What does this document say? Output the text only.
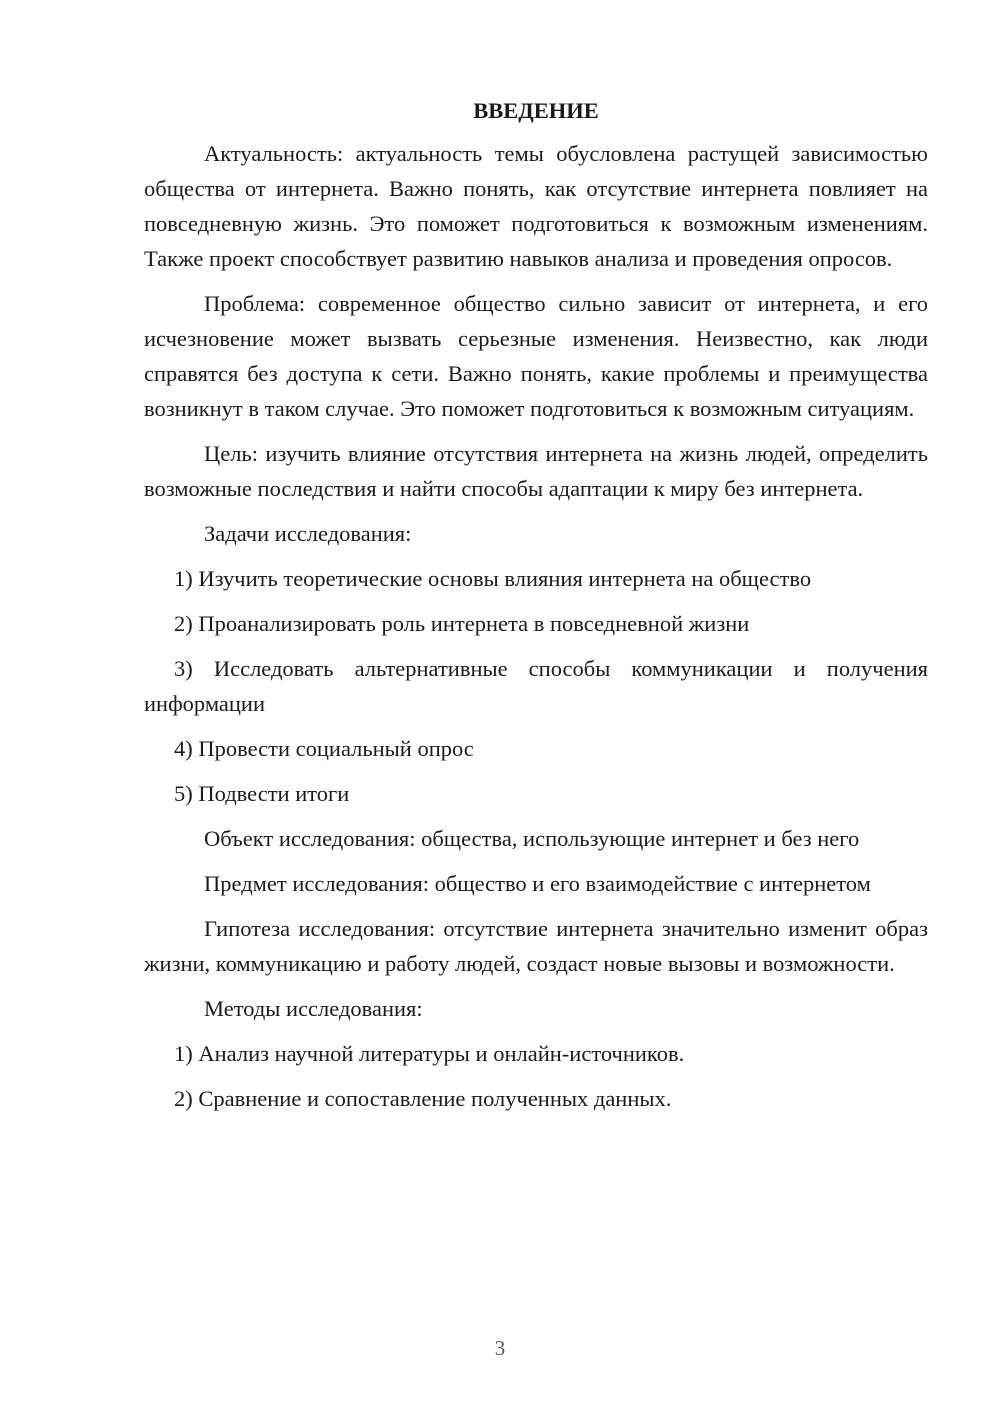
ВВЕДЕНИЕ

Актуальность: актуальность темы обусловлена растущей зависимостью общества от интернета. Важно понять, как отсутствие интернета повлияет на повседневную жизнь. Это поможет подготовиться к возможным изменениям. Также проект способствует развитию навыков анализа и проведения опросов.

Проблема: современное общество сильно зависит от интернета, и его исчезновение может вызвать серьезные изменения. Неизвестно, как люди справятся без доступа к сети. Важно понять, какие проблемы и преимущества возникнут в таком случае. Это поможет подготовиться к возможным ситуациям.

Цель: изучить влияние отсутствия интернета на жизнь людей, определить возможные последствия и найти способы адаптации к миру без интернета.

Задачи исследования:

1) Изучить теоретические основы влияния интернета на общество

2) Проанализировать роль интернета в повседневной жизни

3) Исследовать альтернативные способы коммуникации и получения информации

4) Провести социальный опрос

5) Подвести итоги

Объект исследования: общества, использующие интернет и без него

Предмет исследования: общество и его взаимодействие с интернетом

Гипотеза исследования: отсутствие интернета значительно изменит образ жизни, коммуникацию и работу людей, создаст новые вызовы и возможности.

Методы исследования:

1) Анализ научной литературы и онлайн-источников.

2) Сравнение и сопоставление полученных данных.

3
